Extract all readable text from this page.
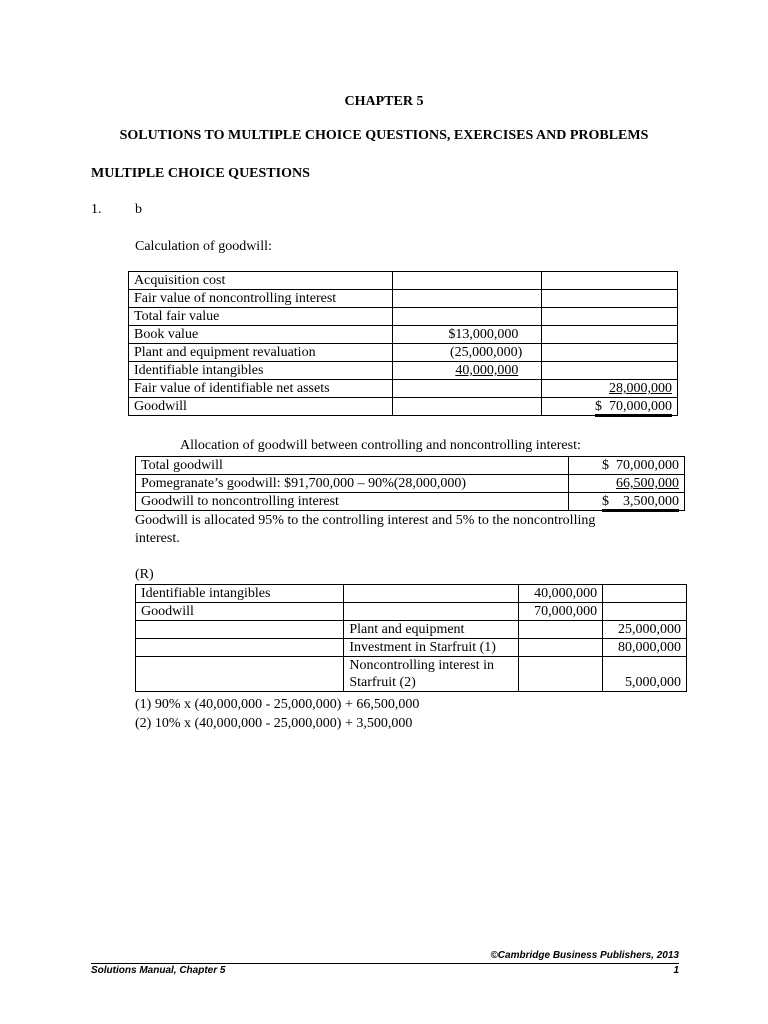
CHAPTER 5
SOLUTIONS TO MULTIPLE CHOICE QUESTIONS, EXERCISES AND PROBLEMS
MULTIPLE CHOICE QUESTIONS
1. b
Calculation of goodwill:
Acquisition cost		
Fair value of noncontrolling interest		
Total fair value		
Book value	$13,000,000	
Plant and equipment revaluation	(25,000,000)	
Identifiable intangibles	40,000,000	
Fair value of identifiable net assets		28,000,000
Goodwill		$  70,000,000
Allocation of goodwill between controlling and noncontrolling interest:
Total goodwill	$  70,000,000
Pomegranate’s goodwill: $91,700,000 – 90%(28,000,000)	66,500,000
Goodwill to noncontrolling interest	$    3,500,000
Goodwill is allocated 95% to the controlling interest and 5% to the noncontrolling
interest.
(R)
Identifiable intangibles		40,000,000	
Goodwill		70,000,000	
	Plant and equipment		25,000,000
	Investment in Starfruit (1)		80,000,000

	Noncontrolling interest in
Starfruit (2)		5,000,000
(1) 90% x (40,000,000 - 25,000,000) + 66,500,000
(2) 10% x (40,000,000 - 25,000,000) + 3,500,000
©Cambridge Business Publishers, 2013
Solutions Manual, Chapter 5	1
